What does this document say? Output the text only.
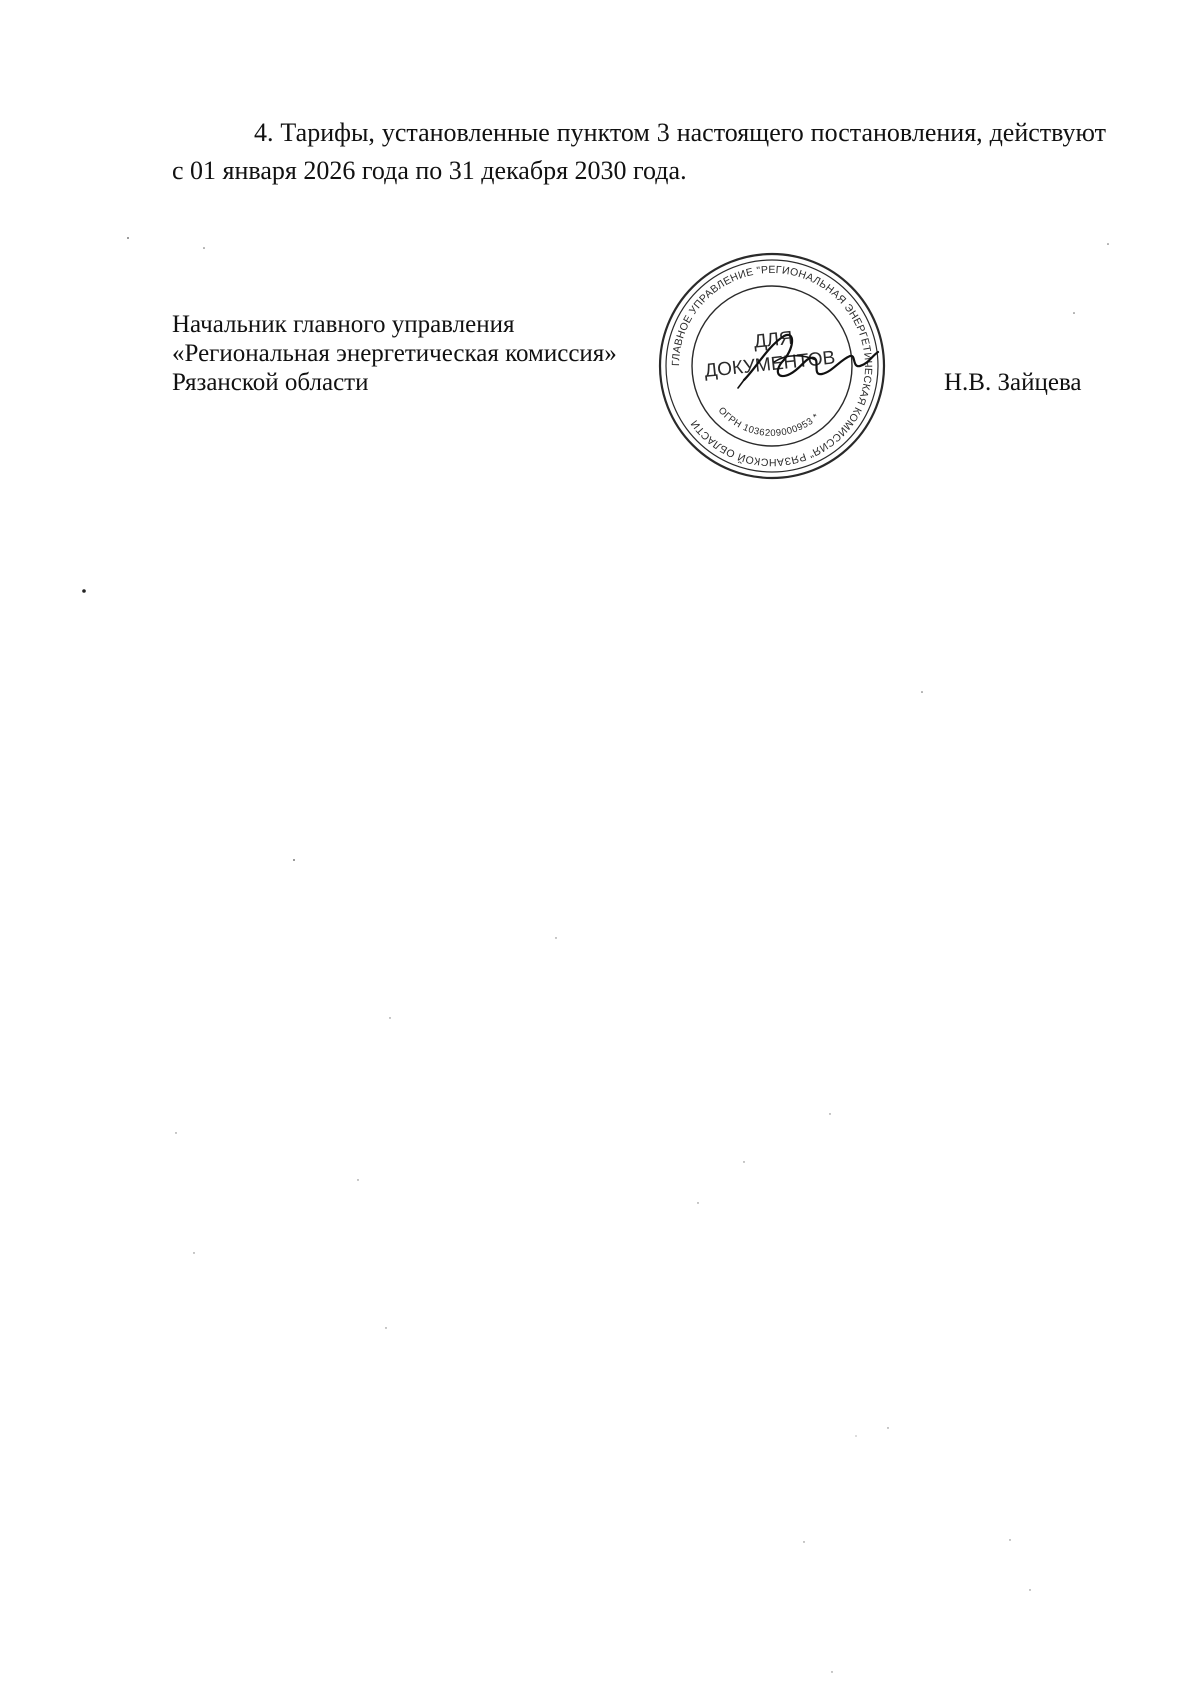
4. Тарифы, установленные пунктом 3 настоящего постановления, действуют с 01 января 2026 года по 31 декабря 2030 года.

Начальник главного управления
«Региональная энергетическая комиссия»
Рязанской области	Н.В. Зайцева
ГЛАВНОЕ УПРАВЛЕНИЕ "РЕГИОНАЛЬНАЯ ЭНЕРГЕТИЧЕСКАЯ КОМИССИЯ" РЯЗАНСКОЙ ОБЛАСТИ
ОГРН 1036209000953 *
ДЛЯ
ДОКУМЕНТОВ
